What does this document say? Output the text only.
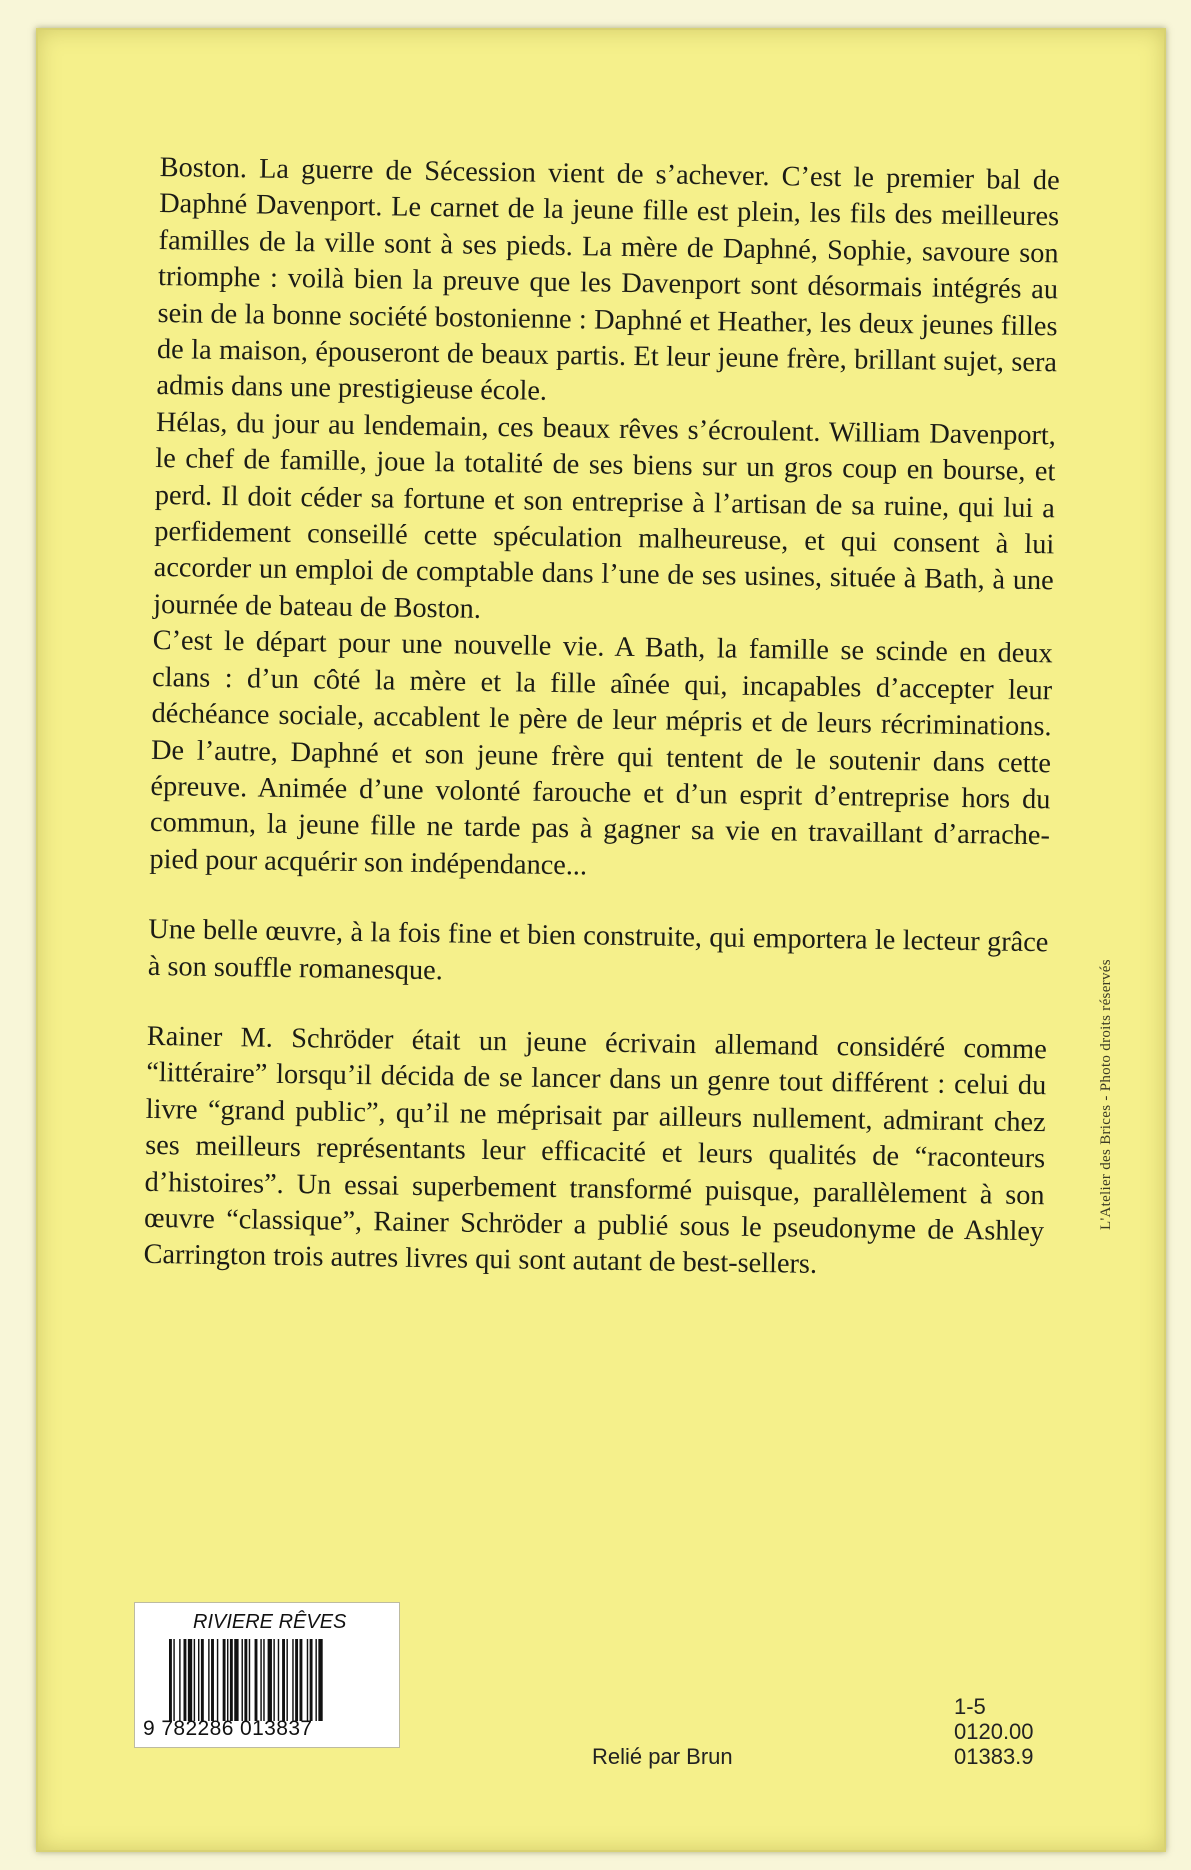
Boston. La guerre de Sécession vient de s’achever. C’est le premier bal de Daphné Davenport. Le carnet de la jeune fille est plein, les fils des meilleures familles de la ville sont à ses pieds. La mère de Daphné, Sophie, savoure son triomphe : voilà bien la preuve que les Davenport sont désormais intégrés au sein de la bonne société bostonienne : Daphné et Heather, les deux jeunes filles de la maison, épouseront de beaux partis. Et leur jeune frère, brillant sujet, sera admis dans une prestigieuse école.

Hélas, du jour au lendemain, ces beaux rêves s’écroulent. William Davenport, le chef de famille, joue la totalité de ses biens sur un gros coup en bourse, et perd. Il doit céder sa fortune et son entreprise à l’artisan de sa ruine, qui lui a perfidement conseillé cette spéculation malheureuse, et qui consent à lui accorder un emploi de comptable dans l’une de ses usines, située à Bath, à une journée de bateau de Boston.

C’est le départ pour une nouvelle vie. A Bath, la famille se scinde en deux clans : d’un côté la mère et la fille aînée qui, incapables d’accepter leur déchéance sociale, accablent le père de leur mépris et de leurs récriminations. De l’autre, Daphné et son jeune frère qui tentent de le soutenir dans cette épreuve. Animée d’une volonté farouche et d’un esprit d’entreprise hors du commun, la jeune fille ne tarde pas à gagner sa vie en travaillant d’arrache-pied pour acquérir son indépendance...

Une belle œuvre, à la fois fine et bien construite, qui emportera le lecteur grâce à son souffle romanesque.

Rainer M. Schröder était un jeune écrivain allemand considéré comme “littéraire” lorsqu’il décida de se lancer dans un genre tout différent : celui du livre “grand public”, qu’il ne méprisait par ailleurs nullement, admirant chez ses meilleurs représentants leur efficacité et leurs qualités de “raconteurs d’histoires”. Un essai superbement transformé puisque, parallèlement à son œuvre “classique”, Rainer Schröder a publié sous le pseudonyme de Ashley Carrington trois autres livres qui sont autant de best-sellers.

L'Atelier des Brices - Photo droits réservés
RIVIERE RÊVES
9 782286 013837
Relié par Brun
1-5
0120.00
01383.9
